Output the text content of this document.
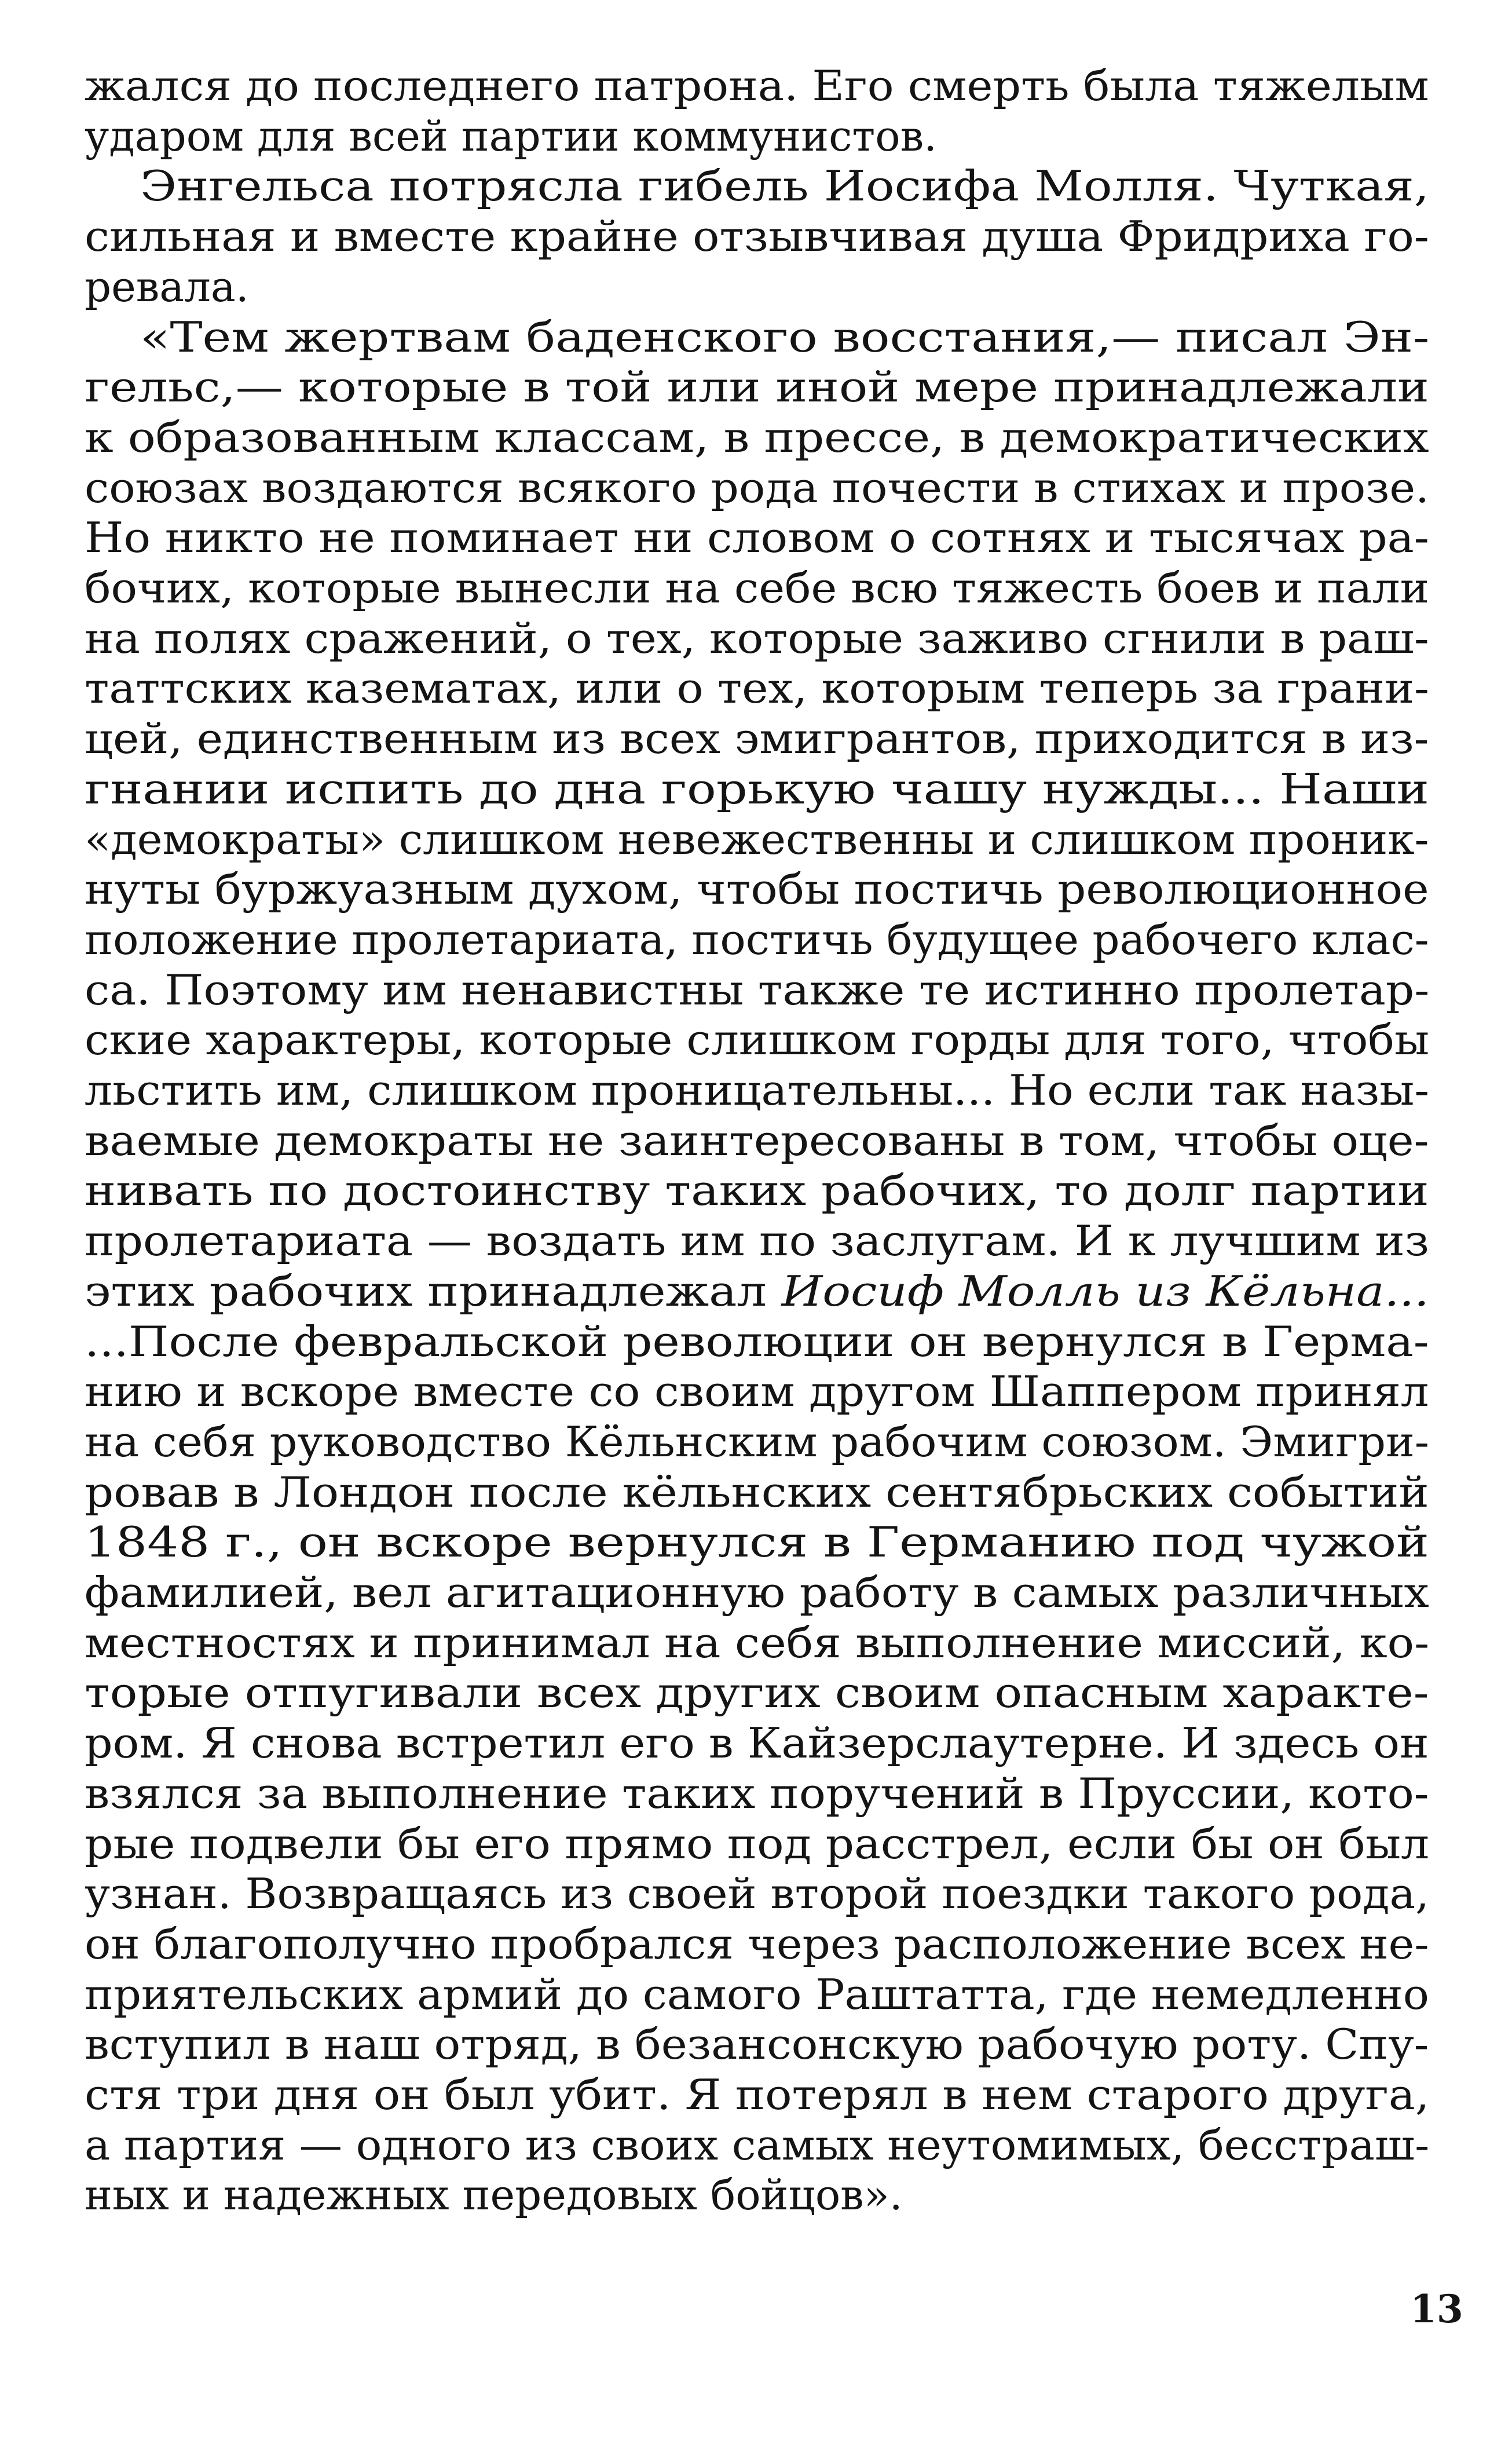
жался до последнего патрона. Его смерть была тяжелым
ударом для всей партии коммунистов.
Энгельса потрясла гибель Иосифа Молля. Чуткая,
сильная и вместе крайне отзывчивая душа Фридриха го-
ревала.
«Тем жертвам баденского восстания,— писал Эн-
гельс,— которые в той или иной мере принадлежали
к образованным классам, в прессе, в демократических
союзах воздаются всякого рода почести в стихах и прозе.
Но никто не поминает ни словом о сотнях и тысячах ра-
бочих, которые вынесли на себе всю тяжесть боев и пали
на полях сражений, о тех, которые заживо сгнили в раш-
таттских казематах, или о тех, которым теперь за грани-
цей, единственным из всех эмигрантов, приходится в из-
гнании испить до дна горькую чашу нужды... Наши
«демократы» слишком невежественны и слишком проник-
нуты буржуазным духом, чтобы постичь революционное
положение пролетариата, постичь будущее рабочего клас-
са. Поэтому им ненавистны также те истинно пролетар-
ские характеры, которые слишком горды для того, чтобы
льстить им, слишком проницательны... Но если так назы-
ваемые демократы не заинтересованы в том, чтобы оце-
нивать по достоинству таких рабочих, то долг партии
пролетариата — воздать им по заслугам. И к лучшим из
этих рабочих принадлежал Иосиф Молль из Кёльна...
...После февральской революции он вернулся в Герма-
нию и вскоре вместе со своим другом Шаппером принял
на себя руководство Кёльнским рабочим союзом. Эмигри-
ровав в Лондон после кёльнских сентябрьских событий
1848 г., он вскоре вернулся в Германию под чужой
фамилией, вел агитационную работу в самых различных
местностях и принимал на себя выполнение миссий, ко-
торые отпугивали всех других своим опасным характе-
ром. Я снова встретил его в Кайзерслаутерне. И здесь он
взялся за выполнение таких поручений в Пруссии, кото-
рые подвели бы его прямо под расстрел, если бы он был
узнан. Возвращаясь из своей второй поездки такого рода,
он благополучно пробрался через расположение всех не-
приятельских армий до самого Раштатта, где немедленно
вступил в наш отряд, в безансонскую рабочую роту. Спу-
стя три дня он был убит. Я потерял в нем старого друга,
а партия — одного из своих самых неутомимых, бесстраш-
ных и надежных передовых бойцов».
13
